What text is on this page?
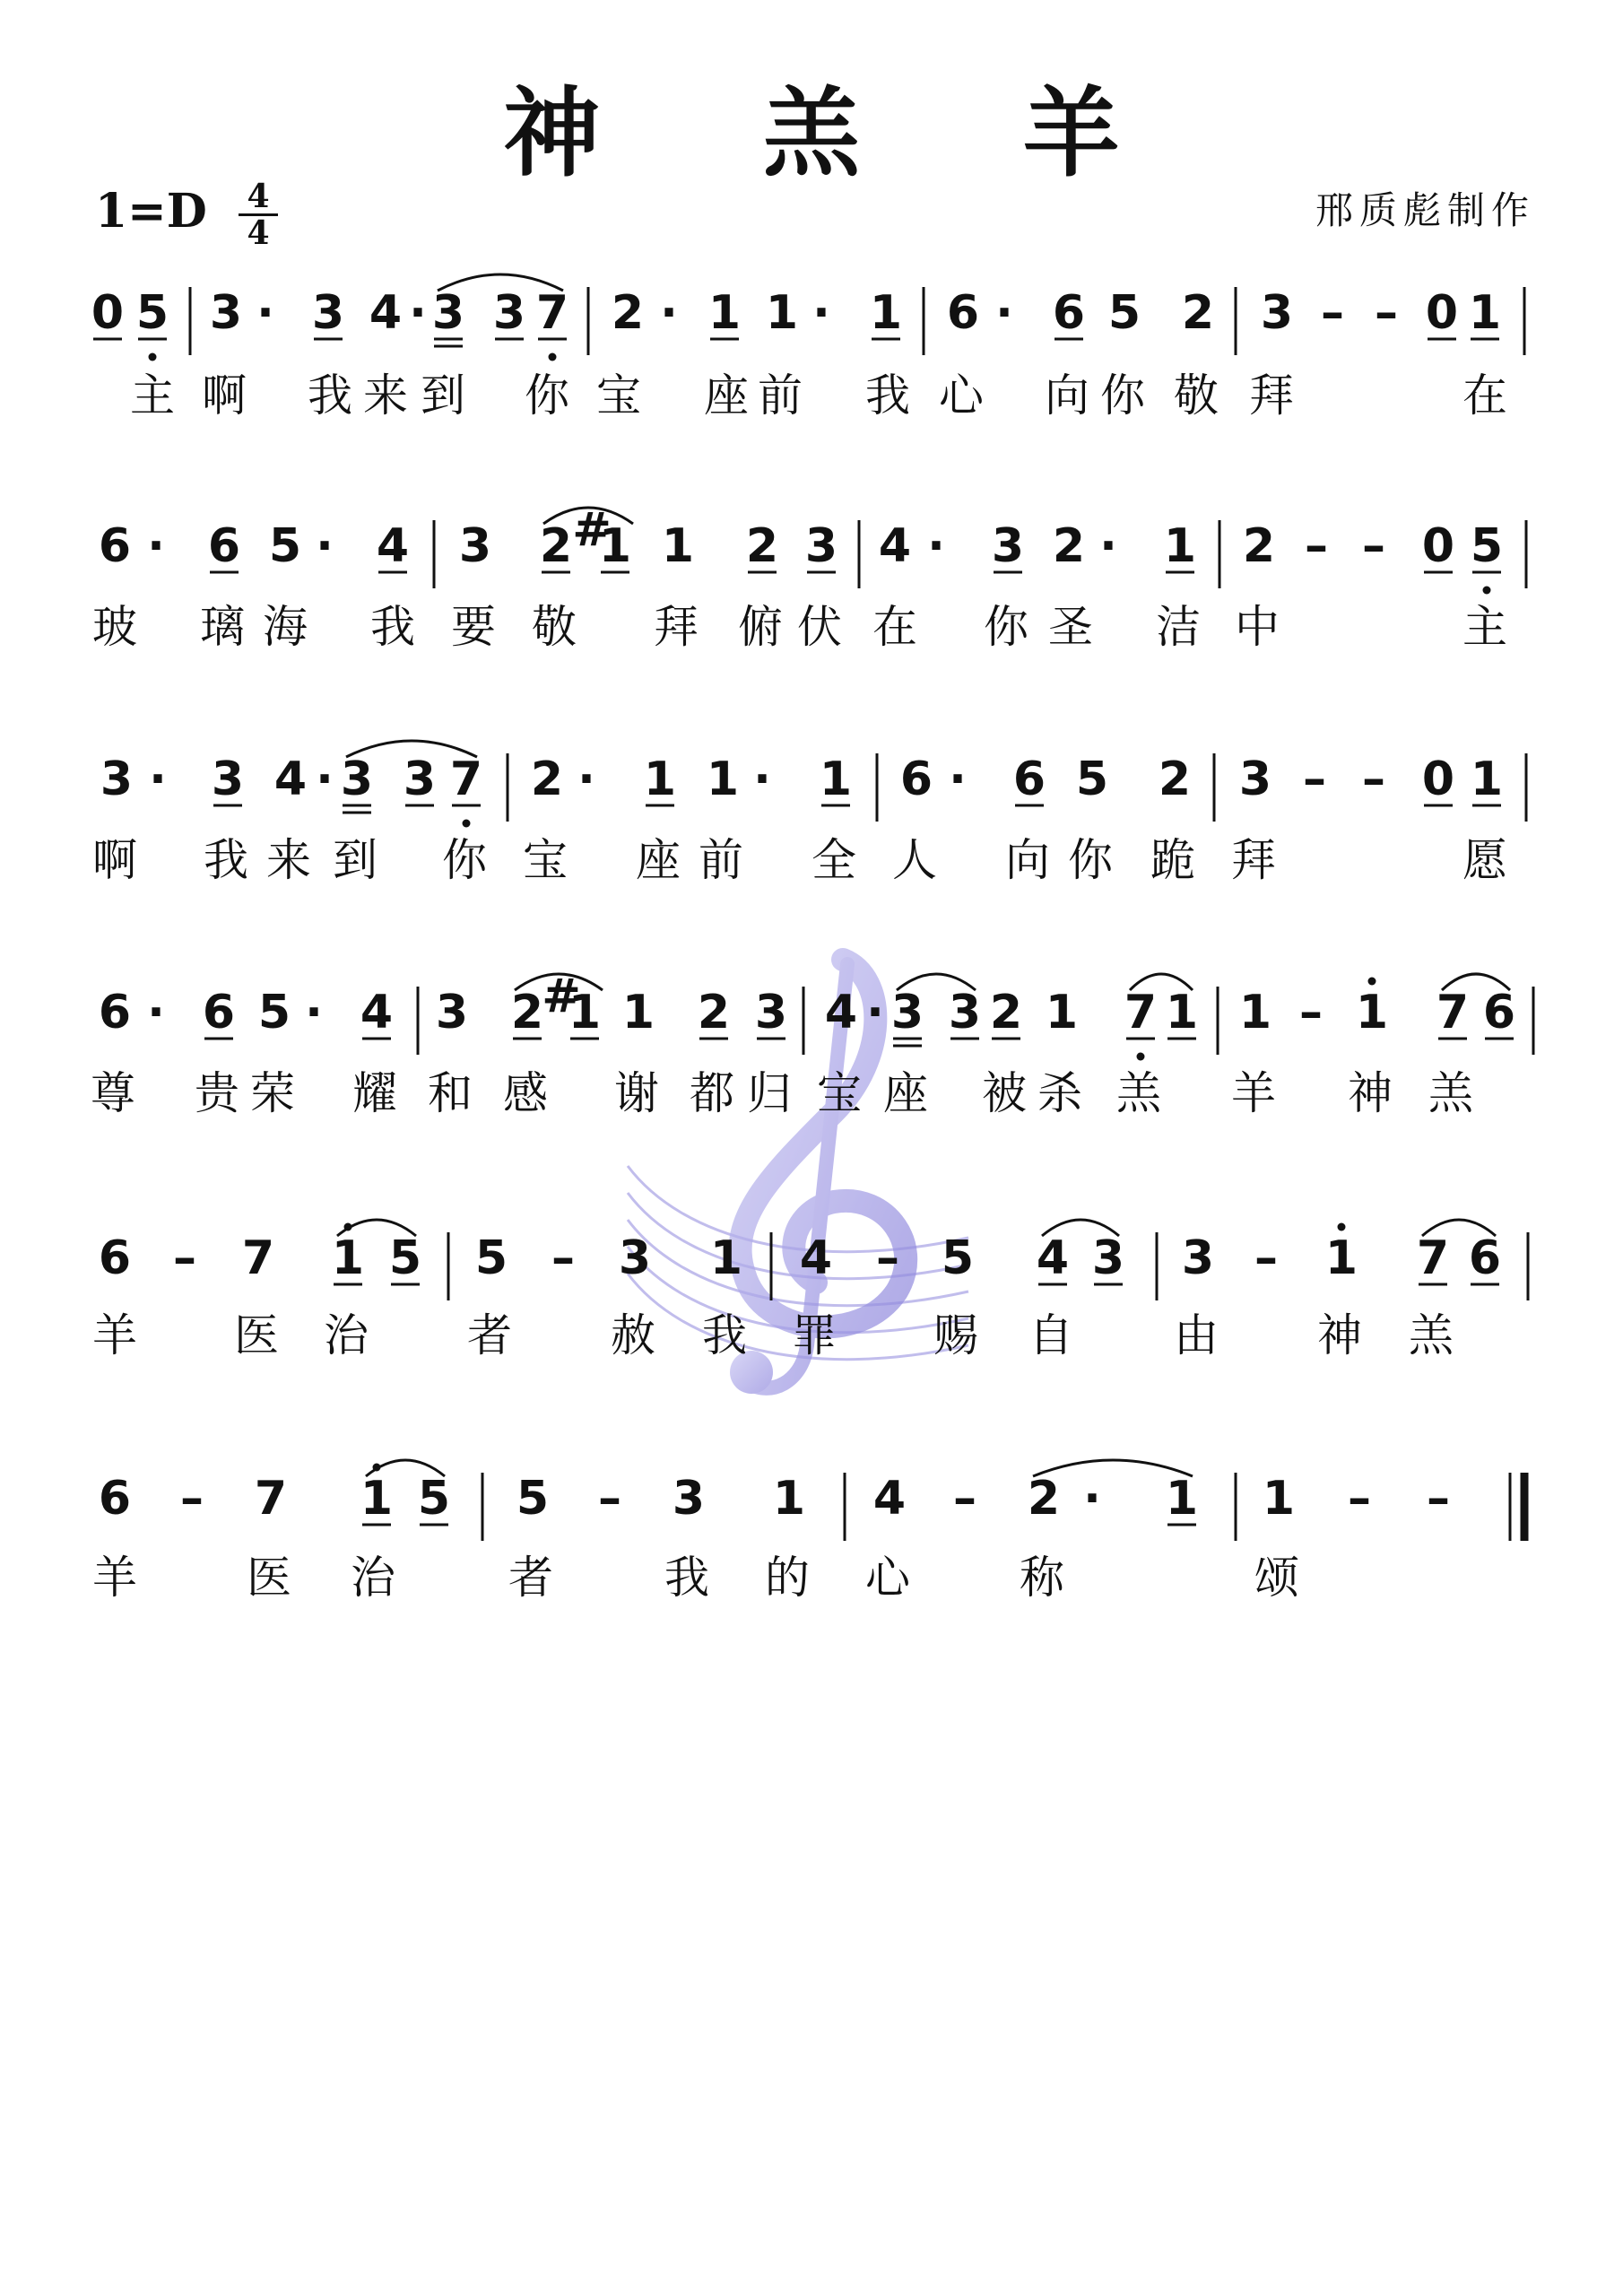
神 羔 羊
$1=D \frac{4}{4}$	邢质彪制作
0 5 3 · 3 4 · 3 3 7 2 · 1 1 · 1 6 · 6 5 2 3 – – 0 1
主 啊 我 来 到 你 宝 座 前 我 心 向 你 敬 拜	在
6 · 6 5 · 4 3 2 #
1 1 2 3 4 · 3 2 · 1 2 – – 0 5
玻 璃 海 我 要 敬 拜 俯 伏 在 你 圣 洁 中	主
3 · 3 4 · 3 3 7 2 · 1 1 · 1 6 · 6 5 2 3 – – 0 1
啊 我 来 到 你 宝 座 前 全 人 向 你 跪 拜	愿
6 · 6 5 · 4 3 2
#
1 1 2 3 4 · 3 3 2 1 7 1 1 – 1 7 6
尊 贵 荣 耀 和 感 谢 都 归 宝 座 被 杀 羔 羊 神 羔
6 – 7 1 5 5 – 3 1 4 – 5 4 3 3 – 1 7 6
羊 医 治 者 赦 我 罪 赐 自 由 神 羔
6 – 7 1 5 5 – 3 1 4 – 2 · 1 1 – –
羊 医 治 者 我 的 心 称	颂
